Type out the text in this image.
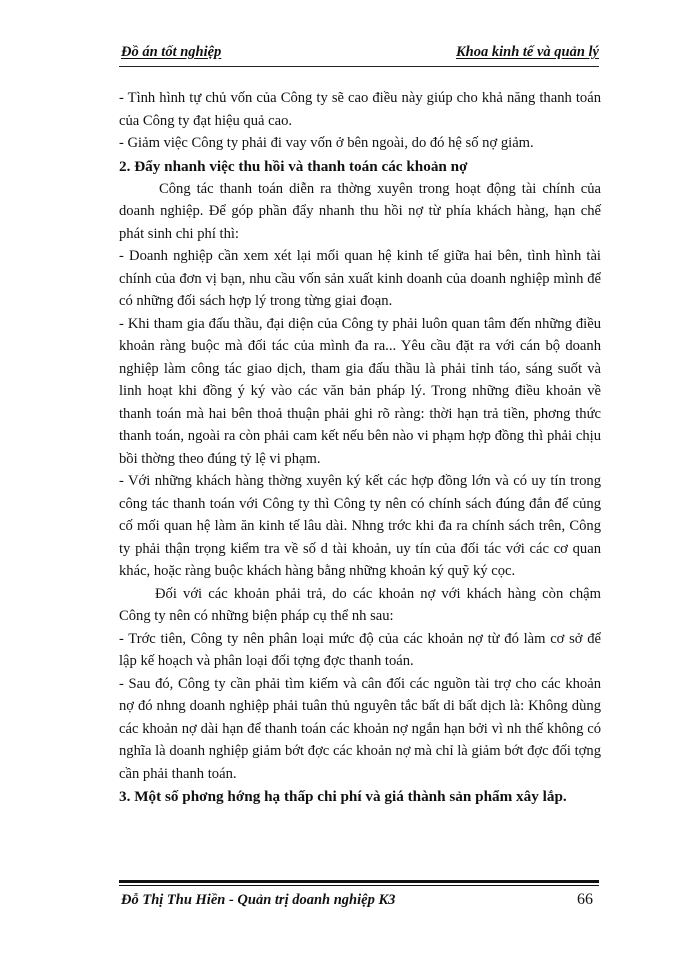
Đồ án tốt nghiệp	Khoa kinh tế và quản lý

- Tình hình tự chủ vốn của Công ty sẽ cao điều này giúp cho khả năng thanh toán của Công ty đạt hiệu quả cao.

- Giảm việc Công ty phải đi vay vốn ở bên ngoài, do đó hệ số nợ giảm.

2. Đẩy nhanh việc thu hồi và thanh toán các khoản nợ

Công tác thanh toán diễn ra thờng xuyên trong hoạt động tài chính của doanh nghiệp. Để góp phần đẩy nhanh thu hồi nợ từ phía khách hàng, hạn chế phát sinh chi phí thì:

- Doanh nghiệp cần xem xét lại mối quan hệ kinh tế giữa hai bên, tình hình tài chính của đơn vị bạn, nhu cầu vốn sản xuất kinh doanh của doanh nghiệp mình để có những đối sách hợp lý trong từng giai đoạn.

- Khi tham gia đấu thầu, đại diện của Công ty phải luôn quan tâm đến những điều khoản ràng buộc mà đối tác của mình đa ra... Yêu cầu đặt ra với cán bộ doanh nghiệp làm công tác giao dịch, tham gia đấu thầu là phải tỉnh táo, sáng suốt và linh hoạt khi đồng ý ký vào các văn bản pháp lý. Trong những điều khoản về thanh toán mà hai bên thoả thuận phải ghi rõ ràng: thời hạn trả tiền, phơng thức thanh toán, ngoài ra còn phải cam kết nếu bên nào vi phạm hợp đồng thì phải chịu bồi thờng theo đúng tỷ lệ vi phạm.

- Với những khách hàng thờng xuyên ký kết các hợp đồng lớn và có uy tín trong công tác thanh toán với Công ty thì Công ty nên có chính sách đúng đắn để củng cố mối quan hệ làm ăn kinh tế lâu dài. Nhng trớc khi đa ra chính sách trên, Công ty phải thận trọng kiểm tra về số d tài khoản, uy tín của đối tác với các cơ quan khác, hoặc ràng buộc khách hàng bằng những khoản ký quỹ ký cọc.

Đối với các khoản phải trả, do các khoản nợ với khách hàng còn chậm Công ty nên có những biện pháp cụ thể nh sau:

- Trớc tiên, Công ty nên phân loại mức độ của các khoản nợ từ đó làm cơ sở để lập kế hoạch và phân loại đối tợng đợc thanh toán.

- Sau đó, Công ty cần phải tìm kiếm và cân đối các nguồn tài trợ cho các khoản nợ đó nhng doanh nghiệp phải tuân thủ nguyên tắc bất di bất dịch là: Không dùng các khoản nợ dài hạn để thanh toán các khoản nợ ngắn hạn bởi vì nh thế không có nghĩa là doanh nghiệp giảm bớt đợc các khoản nợ mà chỉ là giảm bớt đợc đối tợng cần phải thanh toán.

3. Một số phơng hớng hạ thấp chi phí và giá thành sản phẩm xây lắp.
Đỗ Thị Thu Hiền - Quản trị doanh nghiệp K3	66
